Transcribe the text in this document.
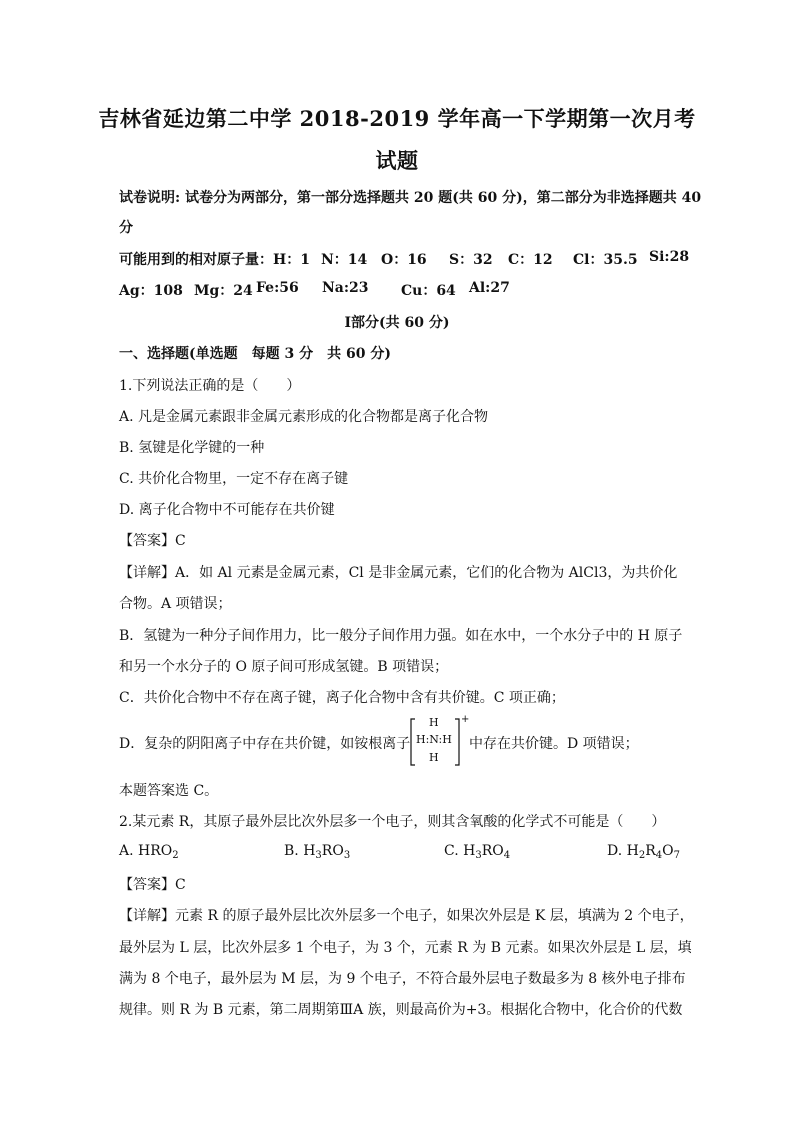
吉林省延边第二中学 2018-2019 学年高一下学期第一次月考
试题
试卷说明: 试卷分为两部分，第一部分选择题共 20 题(共 60 分)，第二部分为非选择题共 40
分
可能用到的相对原子量： H：1 N：14 O：16 S：32 C：12 Cl：35.5 Si:28
Ag：108 Mg：24 Fe:56 Na:23 Cu：64 Al:27
Ⅰ部分(共 60 分)
一、选择题(单选题　每题 3 分　共 60 分)
1.下列说法正确的是（　　）
A. 凡是金属元素跟非金属元素形成的化合物都是离子化合物
B. 氢键是化学键的一种
C. 共价化合物里，一定不存在离子键
D. 离子化合物中不可能存在共价键
【答案】C
【详解】A．如 Al 元素是金属元素，Cl 是非金属元素，它们的化合物为 AlCl3，为共价化
合物。A 项错误；
B．氢键为一种分子间作用力，比一般分子间作用力强。如在水中，一个水分子中的 H 原子
和另一个水分子的 O 原子间可形成氢键。B 项错误；
C．共价化合物中不存在离子键，离子化合物中含有共价键。C 项正确；
D．复杂的阴阳离子中存在共价键，如铵根离子
H
H:N:H
H
+
中存在共价键。D 项错误；
本题答案选 C。
2.某元素 R，其原子最外层比次外层多一个电子，则其含氧酸的化学式不可能是（　　）
A. $HRO_2$	B. $H_3RO_3$	C. $H_3RO_4$	D. $H_2R_4O_7$
【答案】C
【详解】元素 R 的原子最外层比次外层多一个电子，如果次外层是 K 层，填满为 2 个电子，
最外层为 L 层，比次外层多 1 个电子，为 3 个，元素 R 为 B 元素。如果次外层是 L 层，填
满为 8 个电子，最外层为 M 层，为 9 个电子，不符合最外层电子数最多为 8 核外电子排布
规律。则 R 为 B 元素，第二周期第ⅢA 族，则最高价为+3。根据化合物中，化合价的代数
